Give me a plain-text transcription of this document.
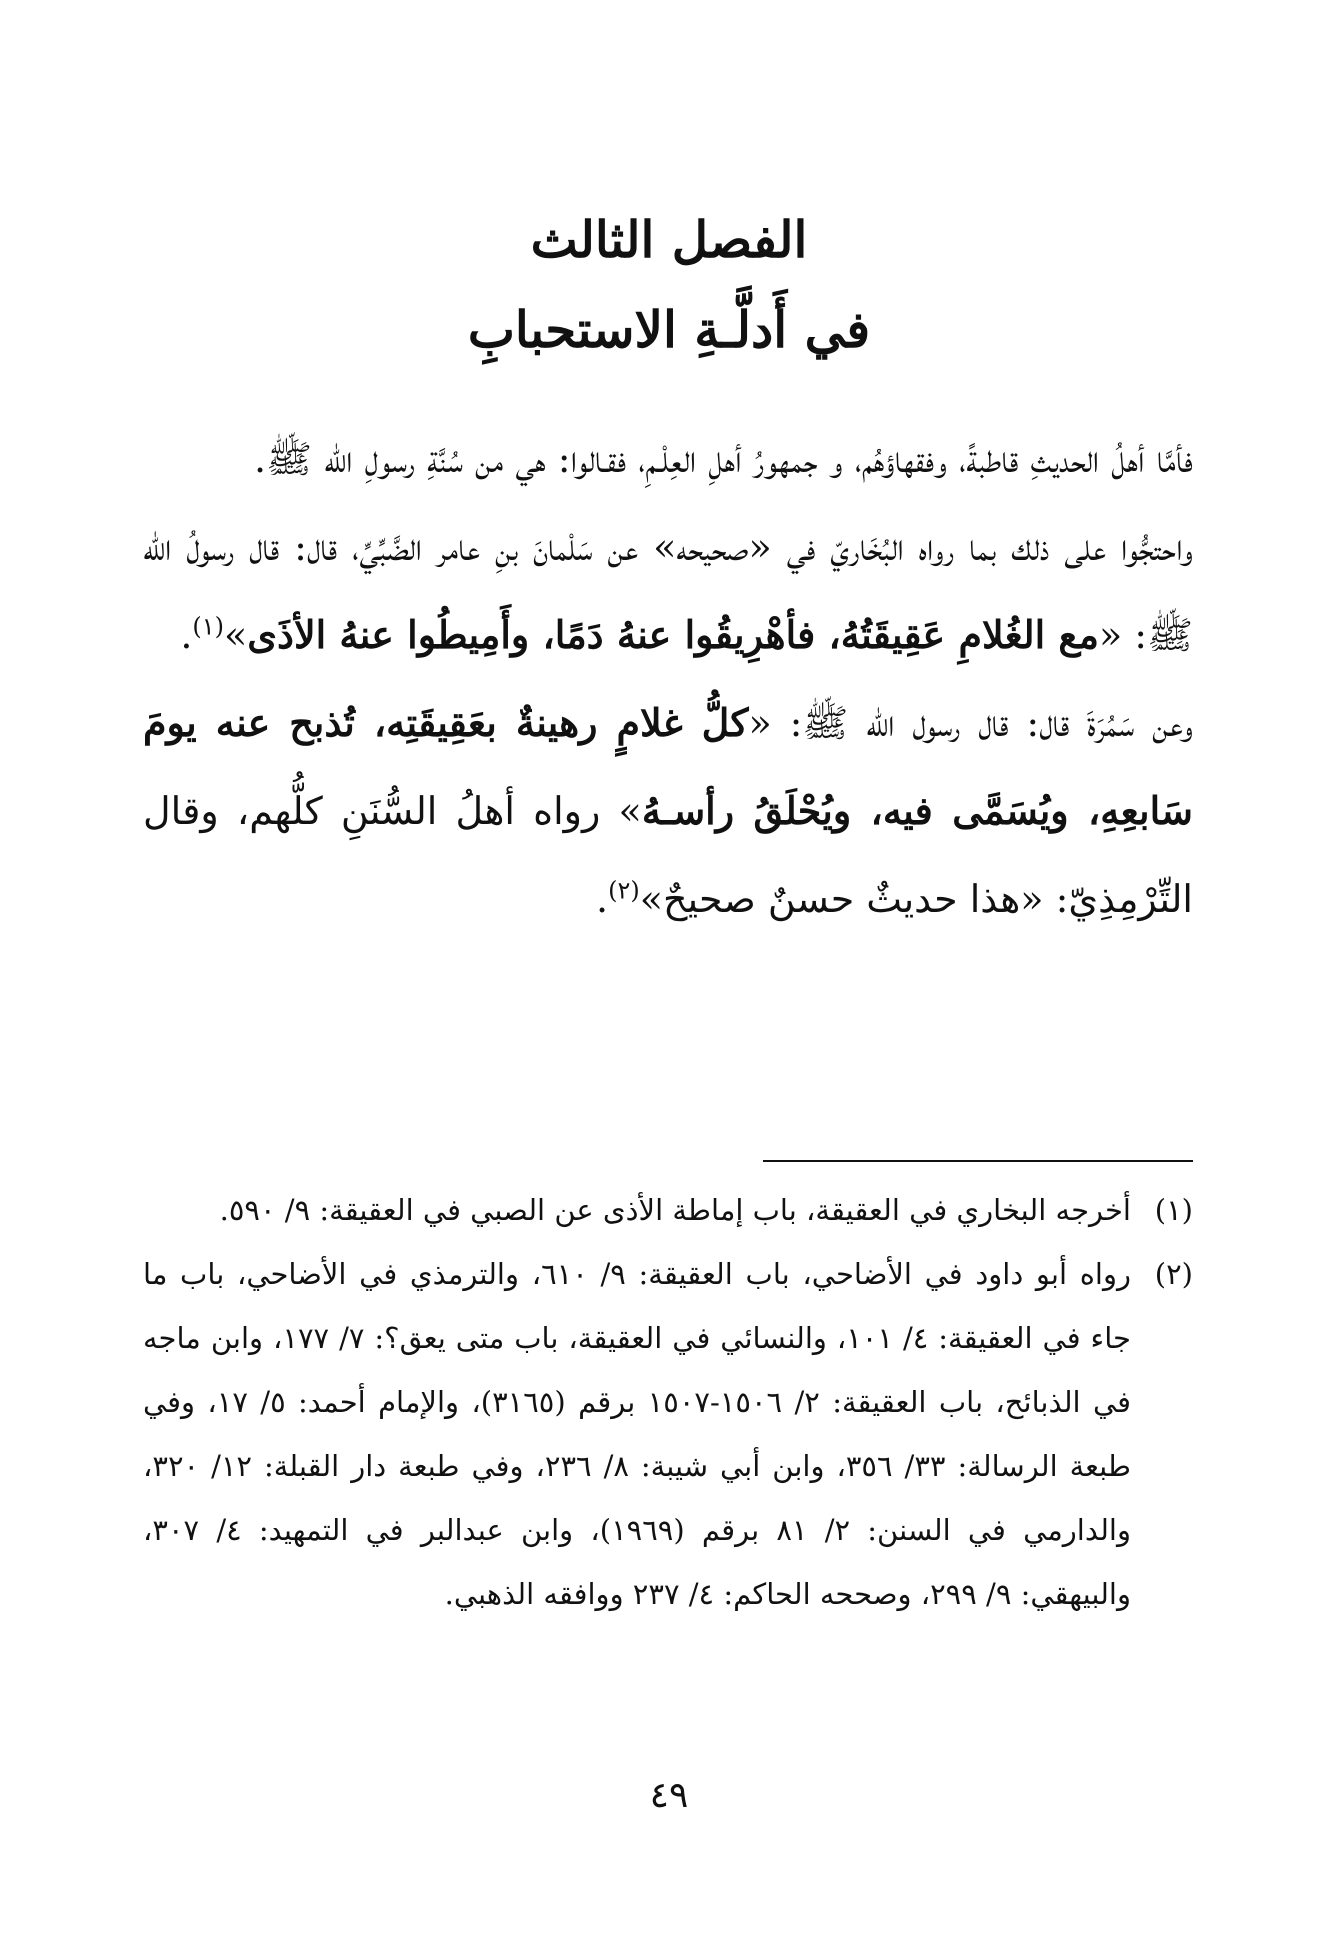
الفصل الثالث
في أَدلَّـةِ الاستحبابِ

فأمَّا أهلُ الحديثِ قاطبةً، وفقهاؤهُم، و جمهورُ أهلِ العِلْـمِ، فقـالوا: هي من سُنَّةِ رسولِ الله ﷺ.

واحتجُّوا على ذلك بما رواه البُخَاريّ في «صحيحه» عن سَلْمانَ بنِ عامر الضَّبِّيِّ، قال: قال رسولُ الله ﷺ: «مع الغُلامِ عَقِيقَتُهُ، فأهْرِيقُوا عنهُ دَمًا، وأَمِيطُوا عنهُ الأذَى»$^{(١)}$.

وعن سَمُرَةَ قال: قال رسول الله ﷺ: «كلُّ غلامٍ رهينةٌ بعَقِيقَتِه، تُذبح عنه يومَ سَابعِهِ، ويُسَمَّى فيه، ويُحْلَقُ رأسـهُ» رواه أهلُ السُّنَنِ كلُّهم، وقال التِّرْمِذِيّ: «هذا حديثٌ حسنٌ صحيحٌ»$^{(٢)}$.

(١)
أخرجه البخاري في العقيقة، باب إماطة الأذى عن الصبي في العقيقة: ٩/ ٥٩٠.
(٢)
رواه أبو داود في الأضاحي، باب العقيقة: ٩/ ٦١٠، والترمذي في الأضاحي، باب ما جاء في العقيقة: ٤/ ١٠١، والنسائي في العقيقة، باب متى يعق؟: ٧/ ١٧٧، وابن ماجه في الذبائح، باب العقيقة: ٢/ ١٥٠٦-١٥٠٧ برقم (٣١٦٥)، والإمام أحمد: ٥/ ١٧، وفي طبعة الرسالة: ٣٣/ ٣٥٦، وابن أبي شيبة: ٨/ ٢٣٦، وفي طبعة دار القبلة: ١٢/ ٣٢٠، والدارمي في السنن: ٢/ ٨١ برقم (١٩٦٩)، وابن عبدالبر في التمهيد: ٤/ ٣٠٧، والبيهقي: ٩/ ٢٩٩، وصححه الحاكم: ٤/ ٢٣٧ ووافقه الذهبي.
٤٩
